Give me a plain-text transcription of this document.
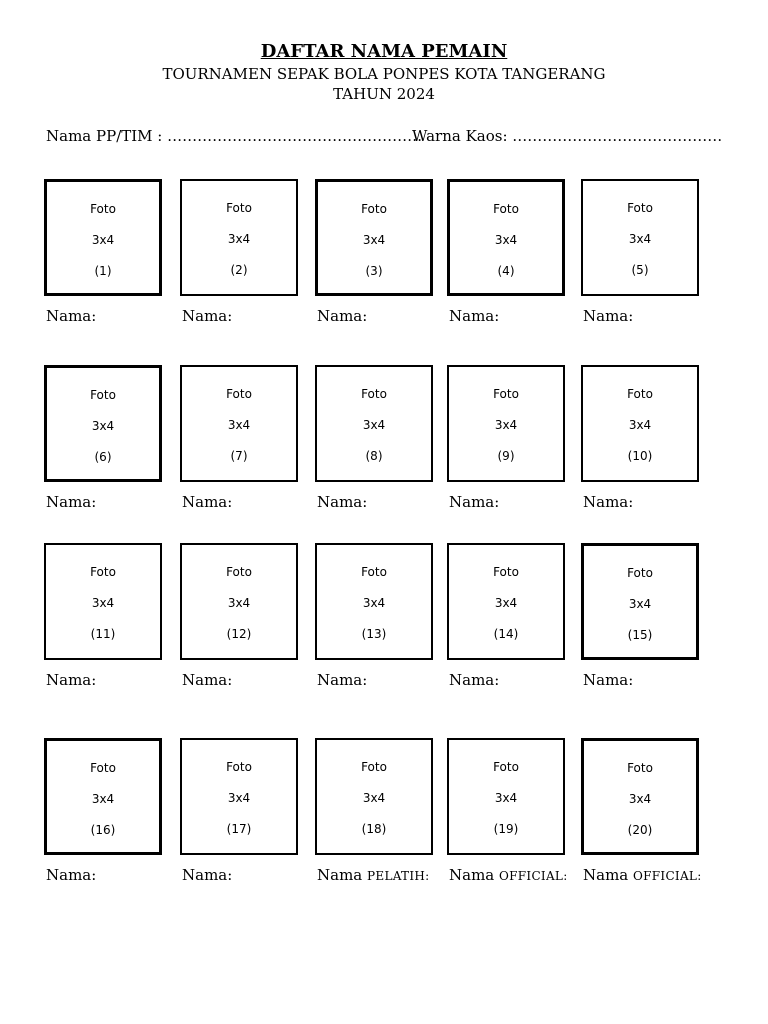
DAFTAR NAMA PEMAIN
TOURNAMEN SEPAK BOLA PONPES KOTA TANGERANG
TAHUN 2024
Nama PP/TIM : ……………………………………………
Warna Kaos: ……………………………………
Foto
3x4
(1)
Nama:
Foto
3x4
(2)
Nama:
Foto
3x4
(3)
Nama:
Foto
3x4
(4)
Nama:
Foto
3x4
(5)
Nama:
Foto
3x4
(6)
Nama:
Foto
3x4
(7)
Nama:
Foto
3x4
(8)
Nama:
Foto
3x4
(9)
Nama:
Foto
3x4
(10)
Nama:
Foto
3x4
(11)
Nama:
Foto
3x4
(12)
Nama:
Foto
3x4
(13)
Nama:
Foto
3x4
(14)
Nama:
Foto
3x4
(15)
Nama:
Foto
3x4
(16)
Nama:
Foto
3x4
(17)
Nama:
Foto
3x4
(18)
Nama PELATIH:
Foto
3x4
(19)
Nama OFFICIAL:
Foto
3x4
(20)
Nama OFFICIAL:
